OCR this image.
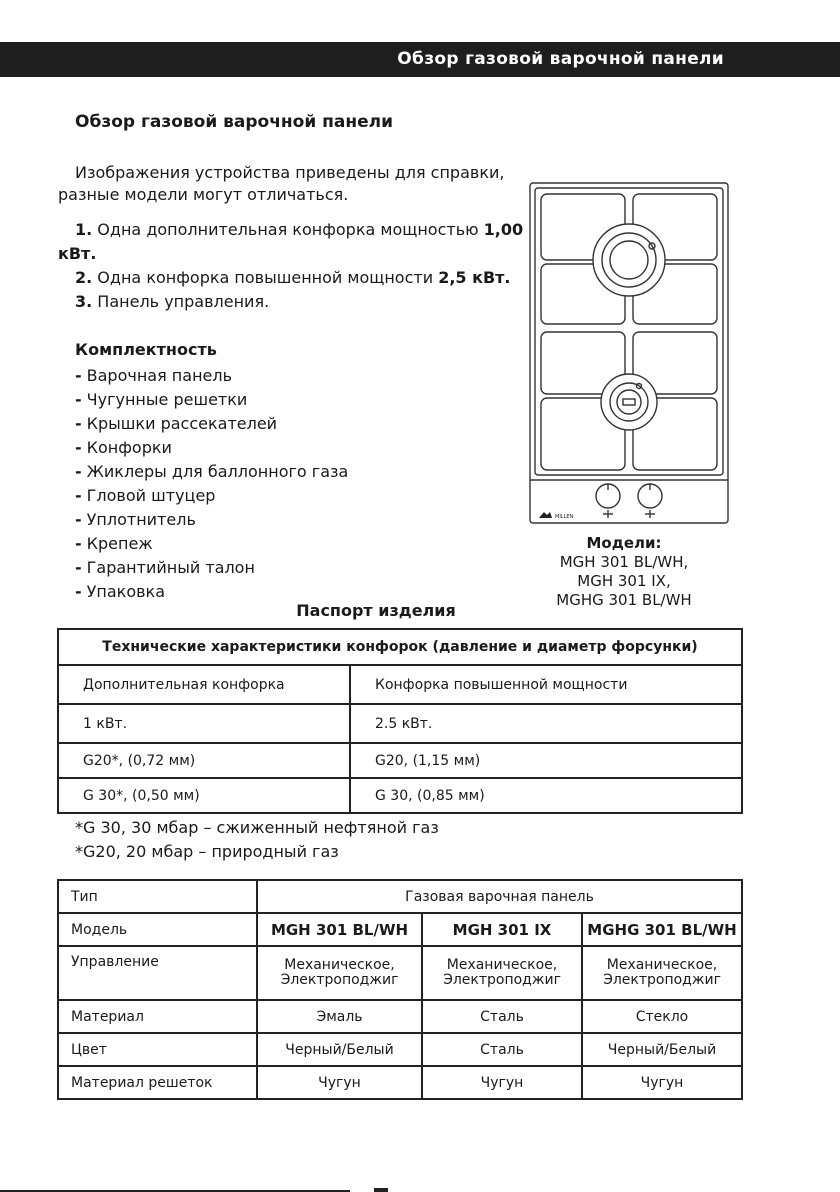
Обзор газовой варочной панели
Обзор газовой варочной панели
Изображения устройства приведены для справки, разные модели могут отличаться.
1. Одна дополнительная конфорка мощностью 1,00 кВт.
2. Одна конфорка повышенной мощности 2,5 кВт.
3. Панель управления.
Комплектность
- Варочная панель
- Чугунные решетки
- Крышки рассекателей
- Конфорки
- Жиклеры для баллонного газа
- Гловой штуцер
- Уплотнитель
- Крепеж
- Гарантийный талон
- Упаковка
MILLEN
Модели:
MGH 301 BL/WH,
MGH 301 IX,
MGHG 301 BL/WH
Паспорт изделия
Технические характеристики конфорок (давление и диаметр форсунки)	
Дополнительная конфорка	Конфорка повышенной мощности
1 кВт.	2.5 кВт.
G20*, (0,72 мм)	G20, (1,15 мм)
G 30*, (0,50 мм)	G 30, (0,85 мм)
*G 30, 30 мбар – сжиженный нефтяной газ
*G20, 20 мбар – природный газ
Тип	Газовая варочная панель		
Модель	MGH 301 BL/WH	MGH 301 IX	MGHG 301 BL/WH
Управление	Механическое, Электроподжиг	Механическое, Электроподжиг	Механическое, Электроподжиг
Материал	Эмаль	Сталь	Стекло
Цвет	Черный/Белый	Сталь	Черный/Белый
Материал решеток	Чугун	Чугун	Чугун
